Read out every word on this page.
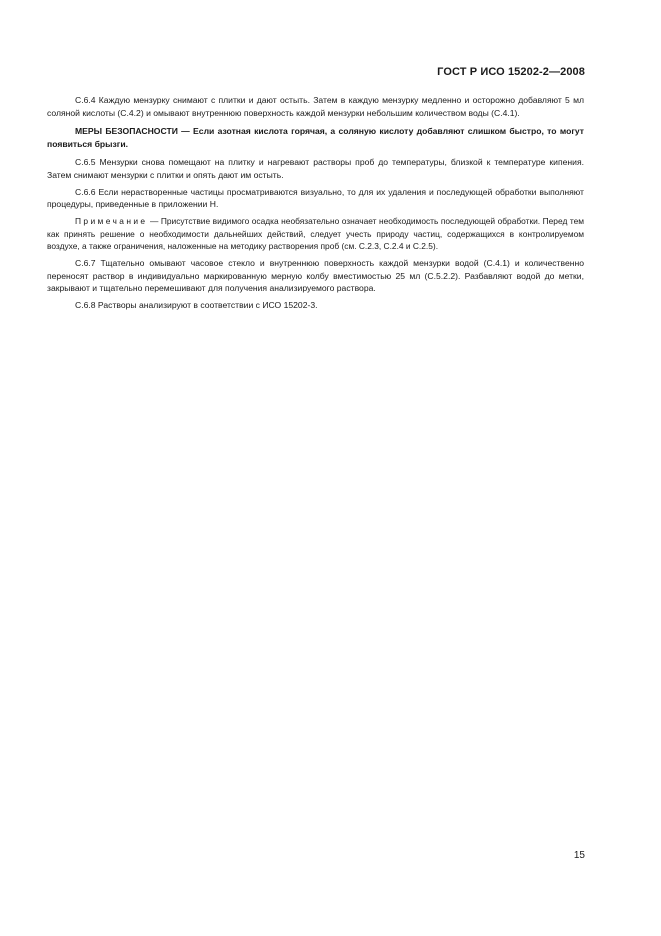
ГОСТ Р ИСО 15202-2—2008

C.6.4 Каждую мензурку снимают с плитки и дают остыть. Затем в каждую мензурку медленно и осторожно добавляют 5 мл соляной кислоты (С.4.2) и омывают внутреннюю поверхность каждой мензурки небольшим количеством воды (С.4.1).

МЕРЫ БЕЗОПАСНОСТИ — Если азотная кислота горячая, а соляную кислоту добавляют слишком быстро, то могут появиться брызги.

С.6.5 Мензурки снова помещают на плитку и нагревают растворы проб до температуры, близкой к температуре кипения. Затем снимают мензурки с плитки и опять дают им остыть.

С.6.6 Если нерастворенные частицы просматриваются визуально, то для их удаления и последующей обработки выполняют процедуры, приведенные в приложении Н.

Примечание — Присутствие видимого осадка необязательно означает необходимость последующей обработки. Перед тем как принять решение о необходимости дальнейших действий, следует учесть природу частиц, содержащихся в контролируемом воздухе, а также ограничения, наложенные на методику растворения проб (см. С.2.3, С.2.4 и С.2.5).

С.6.7 Тщательно омывают часовое стекло и внутреннюю поверхность каждой мензурки водой (С.4.1) и количественно переносят раствор в индивидуально маркированную мерную колбу вместимостью 25 мл (С.5.2.2). Разбавляют водой до метки, закрывают и тщательно перемешивают для получения анализируемого раствора.

С.6.8 Растворы анализируют в соответствии с ИСО 15202-3.

15
